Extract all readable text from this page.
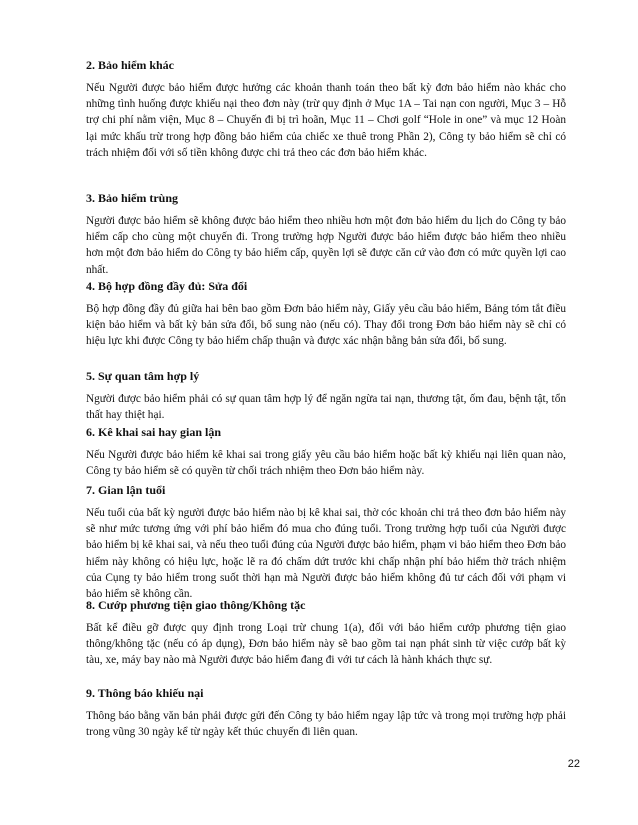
2. Bảo hiểm khác

Nếu Người được bảo hiểm được hưởng các khoản thanh toán theo bất kỳ đơn bảo hiểm nào khác cho những tình huống được khiếu nại theo đơn này (trừ quy định ở Mục 1A – Tai nạn con người, Mục 3 – Hỗ trợ chi phí nằm viện, Mục 8 – Chuyến đi bị trì hoãn, Mục 11 – Chơi golf “Hole in one” và mục 12 Hoàn lại mức khấu trừ trong hợp đồng bảo hiểm của chiếc xe thuê trong Phần 2), Công ty bảo hiểm sẽ chỉ có trách nhiệm đối với số tiền không được chi trả theo các đơn bảo hiểm khác.

3. Bảo hiểm trùng

Người được bảo hiểm sẽ không được bảo hiểm theo nhiều hơn một đơn bảo hiểm du lịch do Công ty bảo hiểm cấp cho cùng một chuyến đi. Trong trường hợp Người được bảo hiểm được bảo hiểm theo nhiều hơn một đơn bảo hiểm do Công ty bảo hiểm cấp, quyền lợi sẽ được căn cứ vào đơn có mức quyền lợi cao nhất.

4. Bộ hợp đồng đầy đủ: Sửa đổi

Bộ hợp đồng đầy đủ giữa hai bên bao gồm Đơn bảo hiểm này, Giấy yêu cầu bảo hiểm, Bảng tóm tắt điều kiện bảo hiểm và bất kỳ bản sửa đổi, bổ sung nào (nếu có). Thay đổi trong Đơn bảo hiểm này sẽ chỉ có hiệu lực khi được Công ty bảo hiểm chấp thuận và được xác nhận bằng bản sửa đổi, bổ sung.

5. Sự quan tâm hợp lý

Người được bảo hiểm phải có sự quan tâm hợp lý để ngăn ngừa tai nạn, thương tật, ốm đau, bệnh tật, tổn thất hay thiệt hại.

6. Kê khai sai hay gian lận

Nếu Người được bảo hiểm kê khai sai trong giấy yêu cầu bảo hiểm hoặc bất kỳ khiếu nại liên quan nào, Công ty bảo hiểm sẽ có quyền từ chối trách nhiệm theo Đơn bảo hiểm này.

7. Gian lận tuổi

Nếu tuổi của bất kỳ người được bảo hiểm nào bị kê khai sai, thờ cóc khoản chi trả theo đơn bảo hiểm này sẽ như mức tương ứng với phí bảo hiểm đó mua cho đúng tuổi. Trong trường hợp tuổi của Người được bảo hiểm bị kê khai sai, và nếu theo tuổi đúng của Người được bảo hiểm, phạm vi bảo hiểm theo Đơn bảo hiểm này không có hiệu lực, hoặc lẽ ra đó chấm dứt trước khi chấp nhận phí bảo hiểm thờ trách nhiệm của Cụng ty bảo hiểm trong suốt thời hạn mà Người được bảo hiểm không đủ tư cách đối với phạm vi bảo hiểm sẽ không cần.

8. Cướp phương tiện giao thông/Không tặc

Bất kể điều gỡ được quy định trong Loại trừ chung 1(a), đối với bảo hiểm cướp phương tiện giao thông/không tặc (nếu có áp dụng), Đơn bảo hiểm này sẽ bao gồm tai nạn phát sinh từ việc cướp bất kỳ tàu, xe, máy bay nào mà Người được bảo hiểm đang đi với tư cách là hành khách thực sự.

9. Thông báo khiếu nại

Thông báo bằng văn bản phải được gửi đến Công ty bảo hiểm ngay lập tức và trong mọi trường hợp phải trong vũng 30 ngày kể từ ngày kết thúc chuyến đi liên quan.

22
